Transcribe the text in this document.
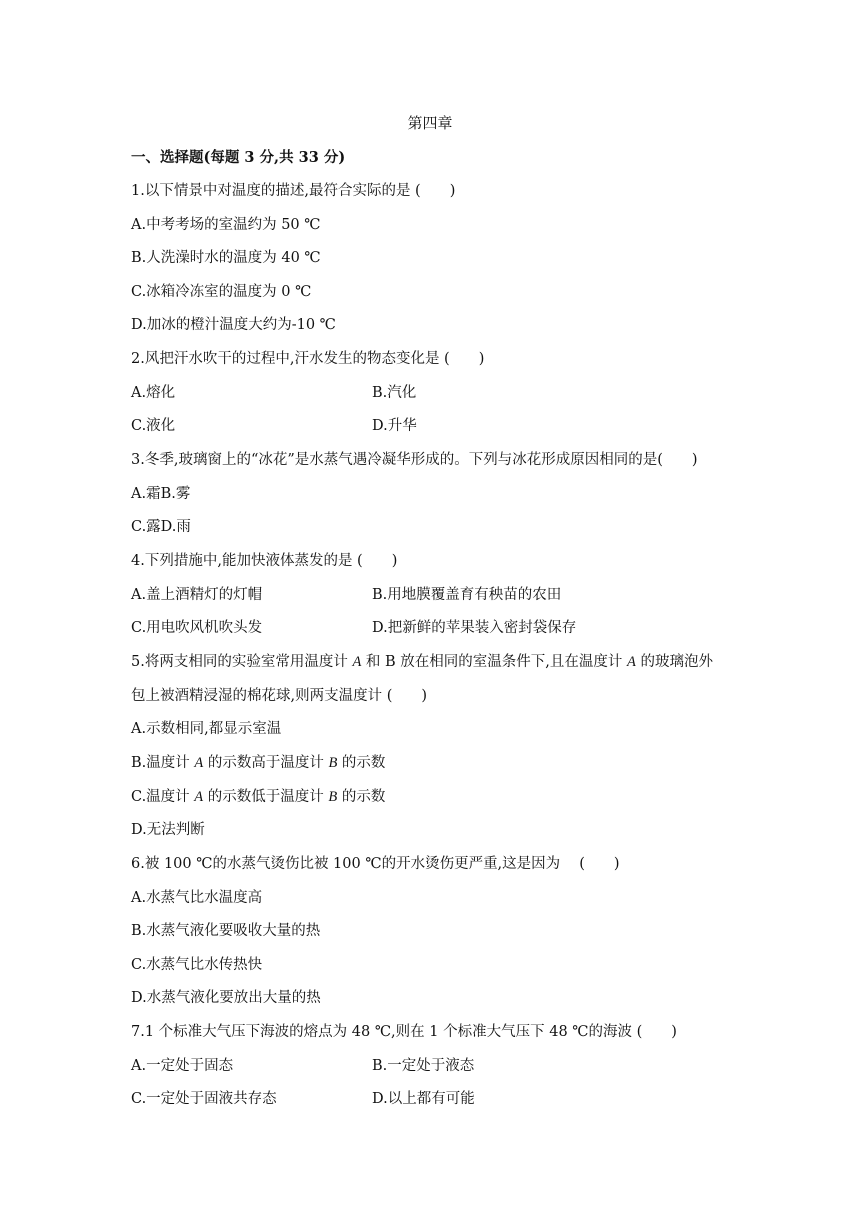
第四章
一、选择题(每题 3 分,共 33 分)
1.以下情景中对温度的描述,最符合实际的是 (　　)
A.中考考场的室温约为 50 ℃
B.人洗澡时水的温度为 40 ℃
C.冰箱冷冻室的温度为 0 ℃
D.加冰的橙汁温度大约为-10 ℃
2.风把汗水吹干的过程中,汗水发生的物态变化是 (　　)
A.熔化	B.汽化
C.液化	D.升华
3.冬季,玻璃窗上的“冰花”是水蒸气遇冷凝华形成的。下列与冰花形成原因相同的是(　　)
A.霜B.雾
C.露D.雨
4.下列措施中,能加快液体蒸发的是 (　　)
A.盖上酒精灯的灯帽	B.用地膜覆盖育有秧苗的农田
C.用电吹风机吹头发	D.把新鲜的苹果装入密封袋保存
5.将两支相同的实验室常用温度计 A 和 B 放在相同的室温条件下,且在温度计 A 的玻璃泡外
包上被酒精浸湿的棉花球,则两支温度计 (　　)
A.示数相同,都显示室温
B.温度计 A 的示数高于温度计 B 的示数
C.温度计 A 的示数低于温度计 B 的示数
D.无法判断
6.被 100 ℃的水蒸气烫伤比被 100 ℃的开水烫伤更严重,这是因为 　(　　)
A.水蒸气比水温度高
B.水蒸气液化要吸收大量的热
C.水蒸气比水传热快
D.水蒸气液化要放出大量的热
7.1 个标准大气压下海波的熔点为 48 ℃,则在 1 个标准大气压下 48 ℃的海波 (　　)
A.一定处于固态	B.一定处于液态
C.一定处于固液共存态	D.以上都有可能
